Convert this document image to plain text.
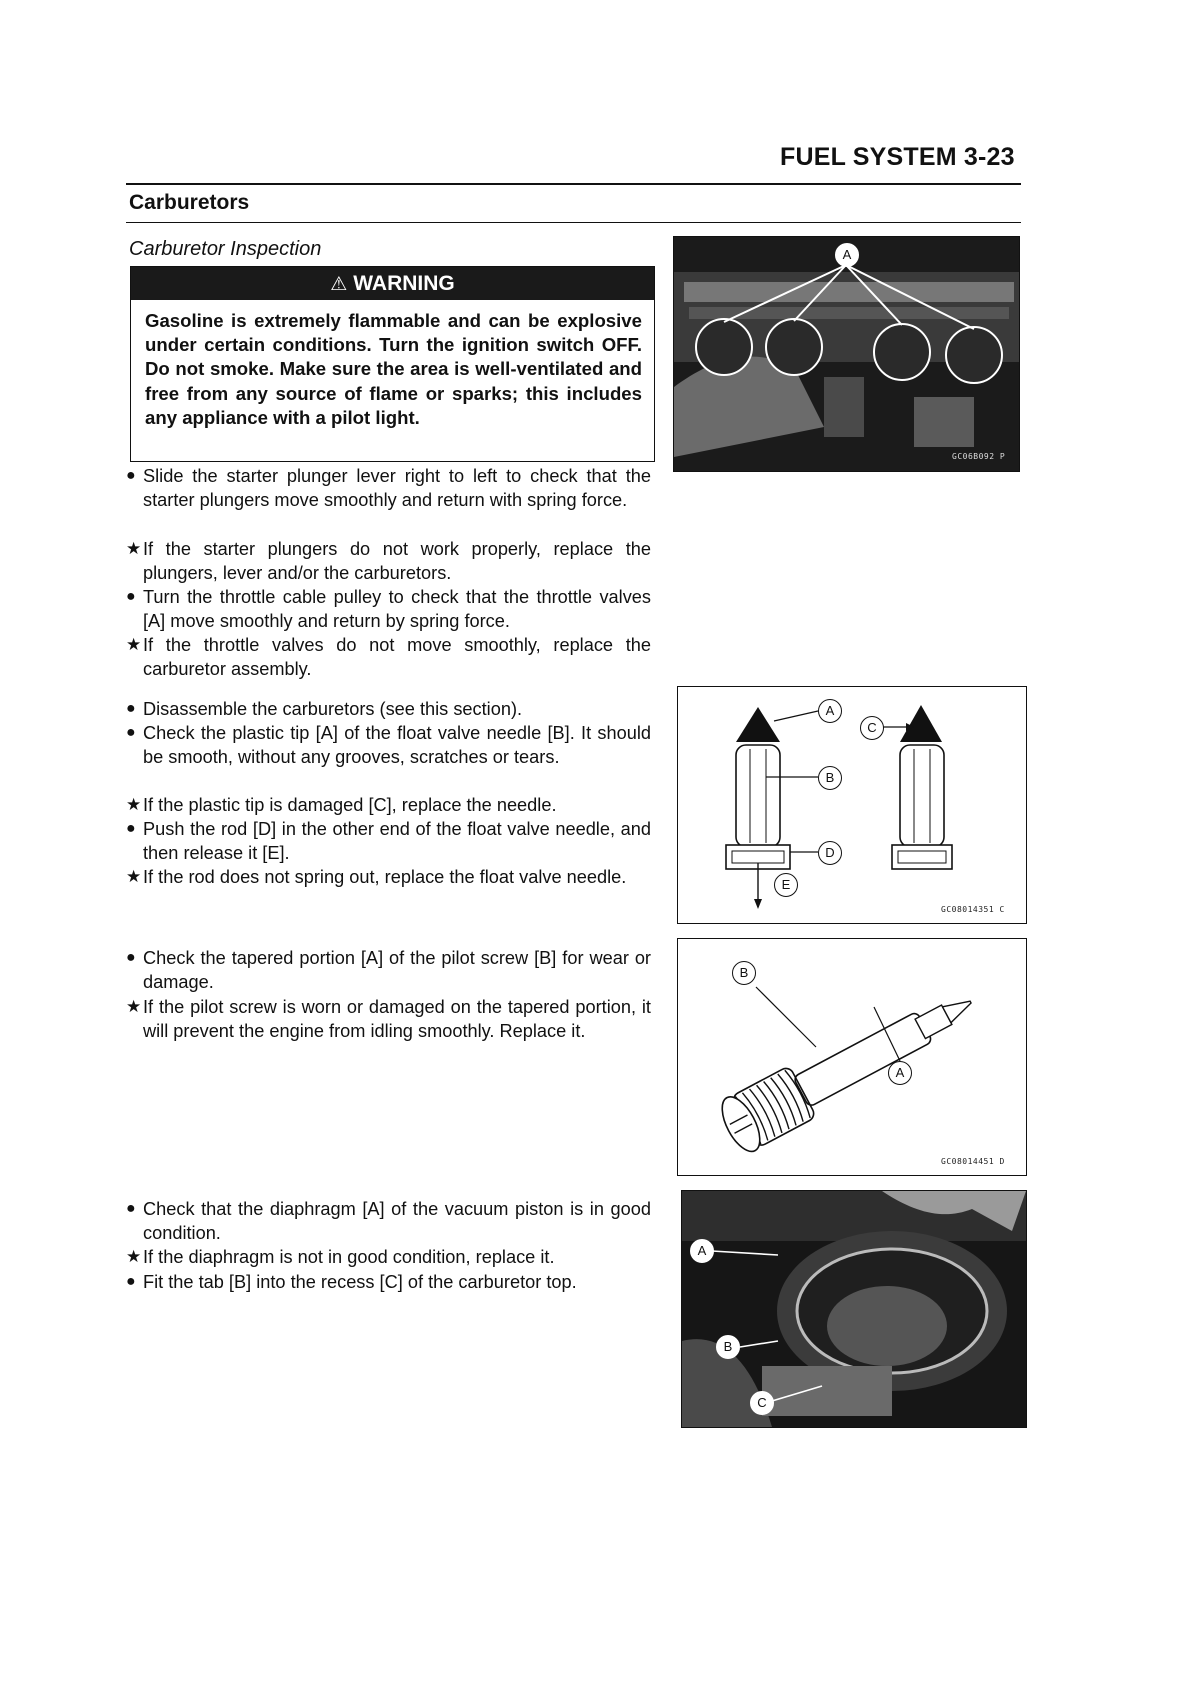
FUEL SYSTEM 3-23
Carburetors
Carburetor Inspection
⚠ WARNING
Gasoline is extremely flammable and can be explosive under certain conditions. Turn the ignition switch OFF. Do not smoke. Make sure the area is well-ventilated and free from any source of flame or sparks; this includes any appliance with a pilot light.
● Slide the starter plunger lever right to left to check that the starter plungers move smoothly and return with spring force.
★ If the starter plungers do not work properly, replace the plungers, lever and/or the carburetors.
● Turn the throttle cable pulley to check that the throttle valves [A] move smoothly and return by spring force.
★ If the throttle valves do not move smoothly, replace the carburetor assembly.
● Disassemble the carburetors (see this section).
● Check the plastic tip [A] of the float valve needle [B]. It should be smooth, without any grooves, scratches or tears.
★ If the plastic tip is damaged [C], replace the needle.
● Push the rod [D] in the other end of the float valve needle, and then release it [E].
★ If the rod does not spring out, replace the float valve needle.
● Check the tapered portion [A] of the pilot screw [B] for wear or damage.
★ If the pilot screw is worn or damaged on the tapered portion, it will prevent the engine from idling smoothly. Replace it.
● Check that the diaphragm [A] of the vacuum piston is in good condition.
★ If the diaphragm is not in good condition, replace it.
● Fit the tab [B] into the recess [C] of the carburetor top.
A
GC06B092 P
A
B
C
D
E
GC08014351 C
B
A
GC08014451 D
A
B
C
